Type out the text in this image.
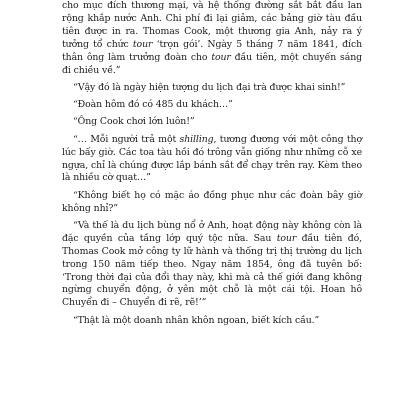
cho mục đích thương mại, và hệ thống đường sắt bắt đầu lan rộng khắp nước Anh. Chi phí đi lại giảm, các bảng giờ tàu đầu tiên được in ra. Thomas Cook, một thương gia Anh, nảy ra ý tưởng tổ chức tour ‘trọn gói’. Ngày 5 tháng 7 năm 1841, đích thân ông làm trưởng đoàn cho tour đầu tiên, một chuyến sáng đi chiều về.”

“Vậy đó là ngày hiện tượng du lịch đại trà được khai sinh!”

“Đoàn hôm đó có 485 du khách…”

“Ông Cook chơi lớn luôn!”

“… Mỗi người trả một shilling, tương đương với một công thợ lúc bấy giờ. Các toa tàu hồi đó trông vẫn giống như những cỗ xe ngựa, chỉ là chúng được lắp bánh sắt để chạy trên ray. Kèm theo là nhiều cờ quạt…”

“Không biết họ có mặc áo đồng phục như các đoàn bây giờ không nhỉ?”

“Và thế là du lịch bùng nổ ở Anh, hoạt động này không còn là đặc quyền của tầng lớp quý tộc nữa. Sau tour đầu tiên đó, Thomas Cook mở công ty lữ hành và thống trị thị trường du lịch trong 150 năm tiếp theo. Ngay năm 1854, ông đã tuyên bố: ‘Trong thời đại của đổi thay này, khi mà cả thế giới đang không ngừng chuyển động, ở yên một chỗ là một cái tội. Hoan hô Chuyển đi – Chuyển đi rẽ, rẽ!’”

“Thật là một doanh nhân khôn ngoan, biết kích cầu.”
